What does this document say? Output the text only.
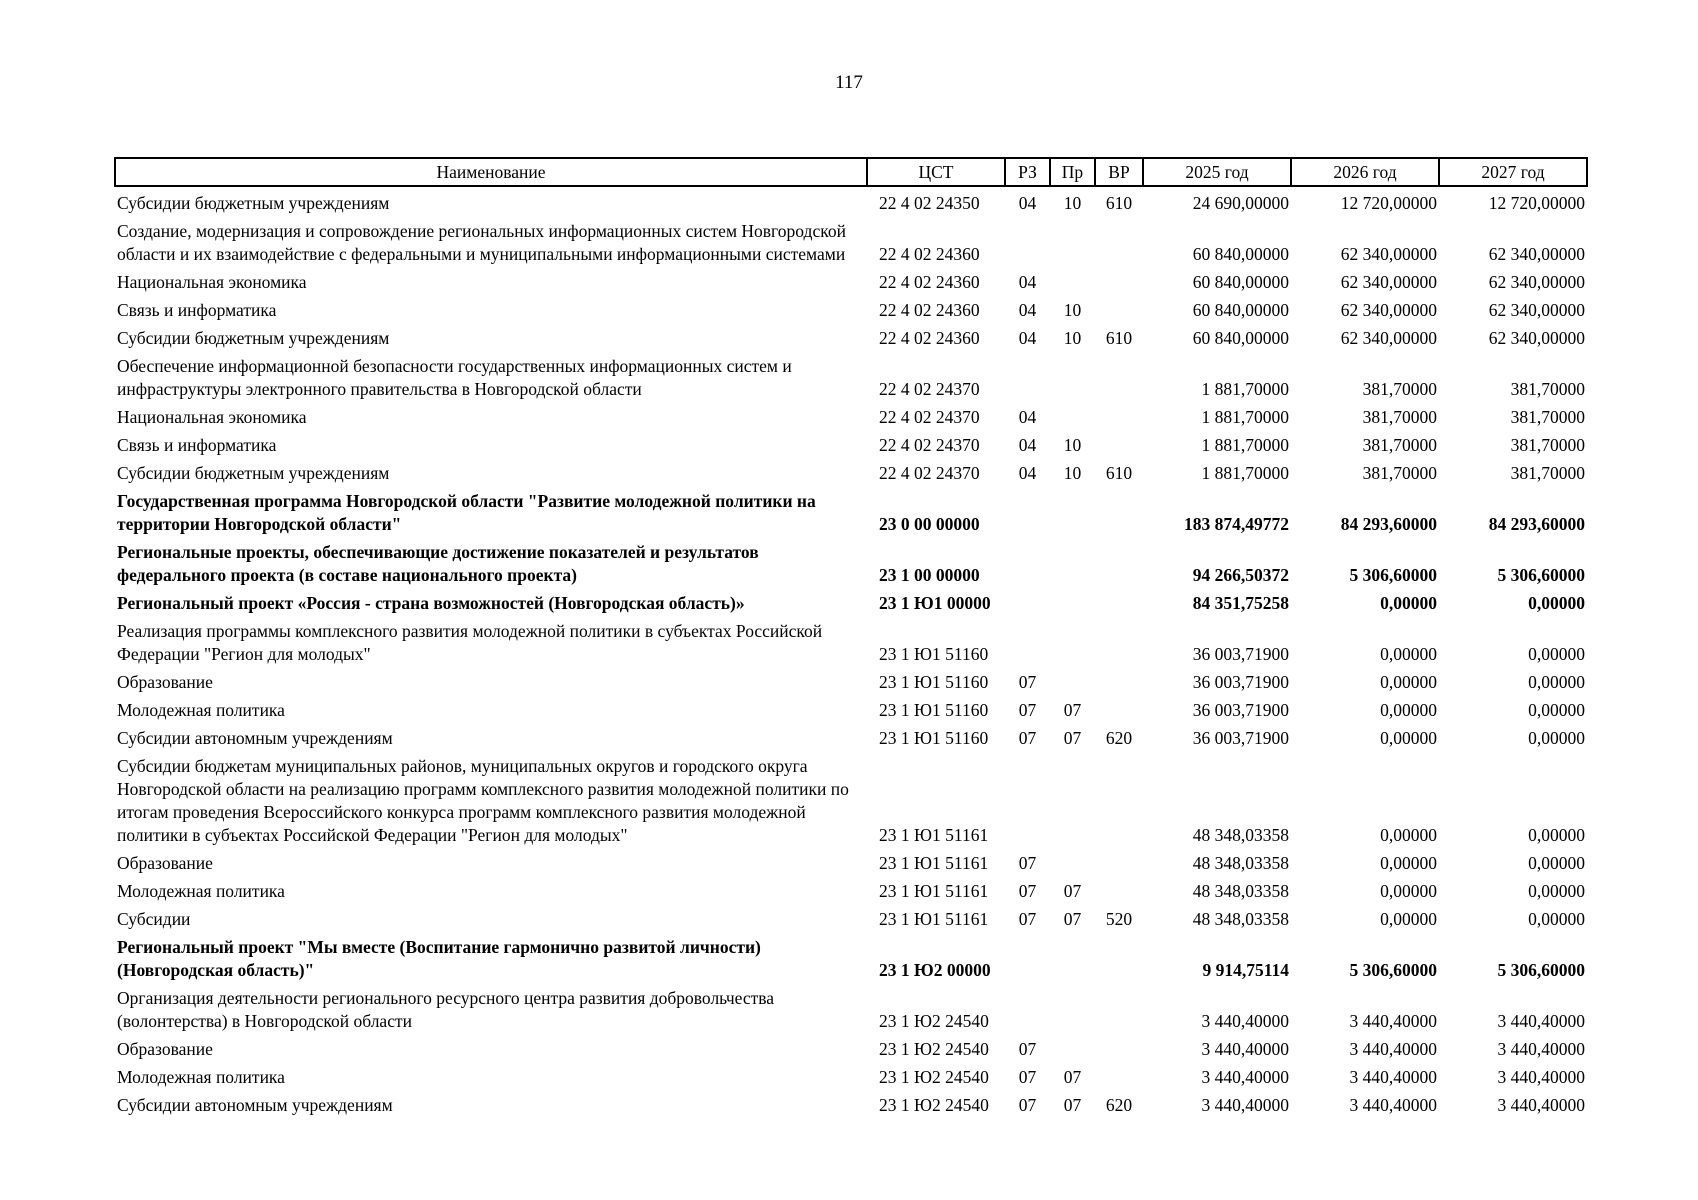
117
Наименование	ЦСТ	РЗ	Пр	ВР	2025 год	2026 год	2027 год
Субсидии бюджетным учреждениям	22 4 02 24350	04	10	610	24 690,00000	12 720,00000	12 720,00000
Создание, модернизация и сопровождение региональных информационных систем Новгородской области и их взаимодействие с федеральными и муниципальными информационными системами	22 4 02 24360				60 840,00000	62 340,00000	62 340,00000
Национальная экономика	22 4 02 24360	04			60 840,00000	62 340,00000	62 340,00000
Связь и информатика	22 4 02 24360	04	10		60 840,00000	62 340,00000	62 340,00000
Субсидии бюджетным учреждениям	22 4 02 24360	04	10	610	60 840,00000	62 340,00000	62 340,00000
Обеспечение информационной безопасности государственных информационных систем и инфраструктуры электронного правительства в Новгородской области	22 4 02 24370				1 881,70000	381,70000	381,70000
Национальная экономика	22 4 02 24370	04			1 881,70000	381,70000	381,70000
Связь и информатика	22 4 02 24370	04	10		1 881,70000	381,70000	381,70000
Субсидии бюджетным учреждениям	22 4 02 24370	04	10	610	1 881,70000	381,70000	381,70000
Государственная программа Новгородской области "Развитие молодежной политики на территории Новгородской области"	23 0 00 00000				183 874,49772	84 293,60000	84 293,60000
Региональные проекты, обеспечивающие достижение показателей и результатов федерального проекта (в составе национального проекта)	23 1 00 00000				94 266,50372	5 306,60000	5 306,60000
Региональный проект «Россия - страна возможностей (Новгородская область)»	23 1 Ю1 00000				84 351,75258	0,00000	0,00000
Реализация программы комплексного развития молодежной политики в субъектах Российской Федерации "Регион для молодых"	23 1 Ю1 51160				36 003,71900	0,00000	0,00000
Образование	23 1 Ю1 51160	07			36 003,71900	0,00000	0,00000
Молодежная политика	23 1 Ю1 51160	07	07		36 003,71900	0,00000	0,00000
Субсидии автономным учреждениям	23 1 Ю1 51160	07	07	620	36 003,71900	0,00000	0,00000
Субсидии бюджетам муниципальных районов, муниципальных округов и городского округа Новгородской области на реализацию программ комплексного развития молодежной политики по итогам проведения Всероссийского конкурса программ комплексного развития молодежной политики в субъектах Российской Федерации "Регион для молодых"	23 1 Ю1 51161				48 348,03358	0,00000	0,00000
Образование	23 1 Ю1 51161	07			48 348,03358	0,00000	0,00000
Молодежная политика	23 1 Ю1 51161	07	07		48 348,03358	0,00000	0,00000
Субсидии	23 1 Ю1 51161	07	07	520	48 348,03358	0,00000	0,00000
Региональный проект "Мы вместе (Воспитание гармонично развитой личности) (Новгородская область)"	23 1 Ю2 00000				9 914,75114	5 306,60000	5 306,60000
Организация деятельности регионального ресурсного центра развития добровольчества (волонтерства) в Новгородской области	23 1 Ю2 24540				3 440,40000	3 440,40000	3 440,40000
Образование	23 1 Ю2 24540	07			3 440,40000	3 440,40000	3 440,40000
Молодежная политика	23 1 Ю2 24540	07	07		3 440,40000	3 440,40000	3 440,40000
Субсидии автономным учреждениям	23 1 Ю2 24540	07	07	620	3 440,40000	3 440,40000	3 440,40000
